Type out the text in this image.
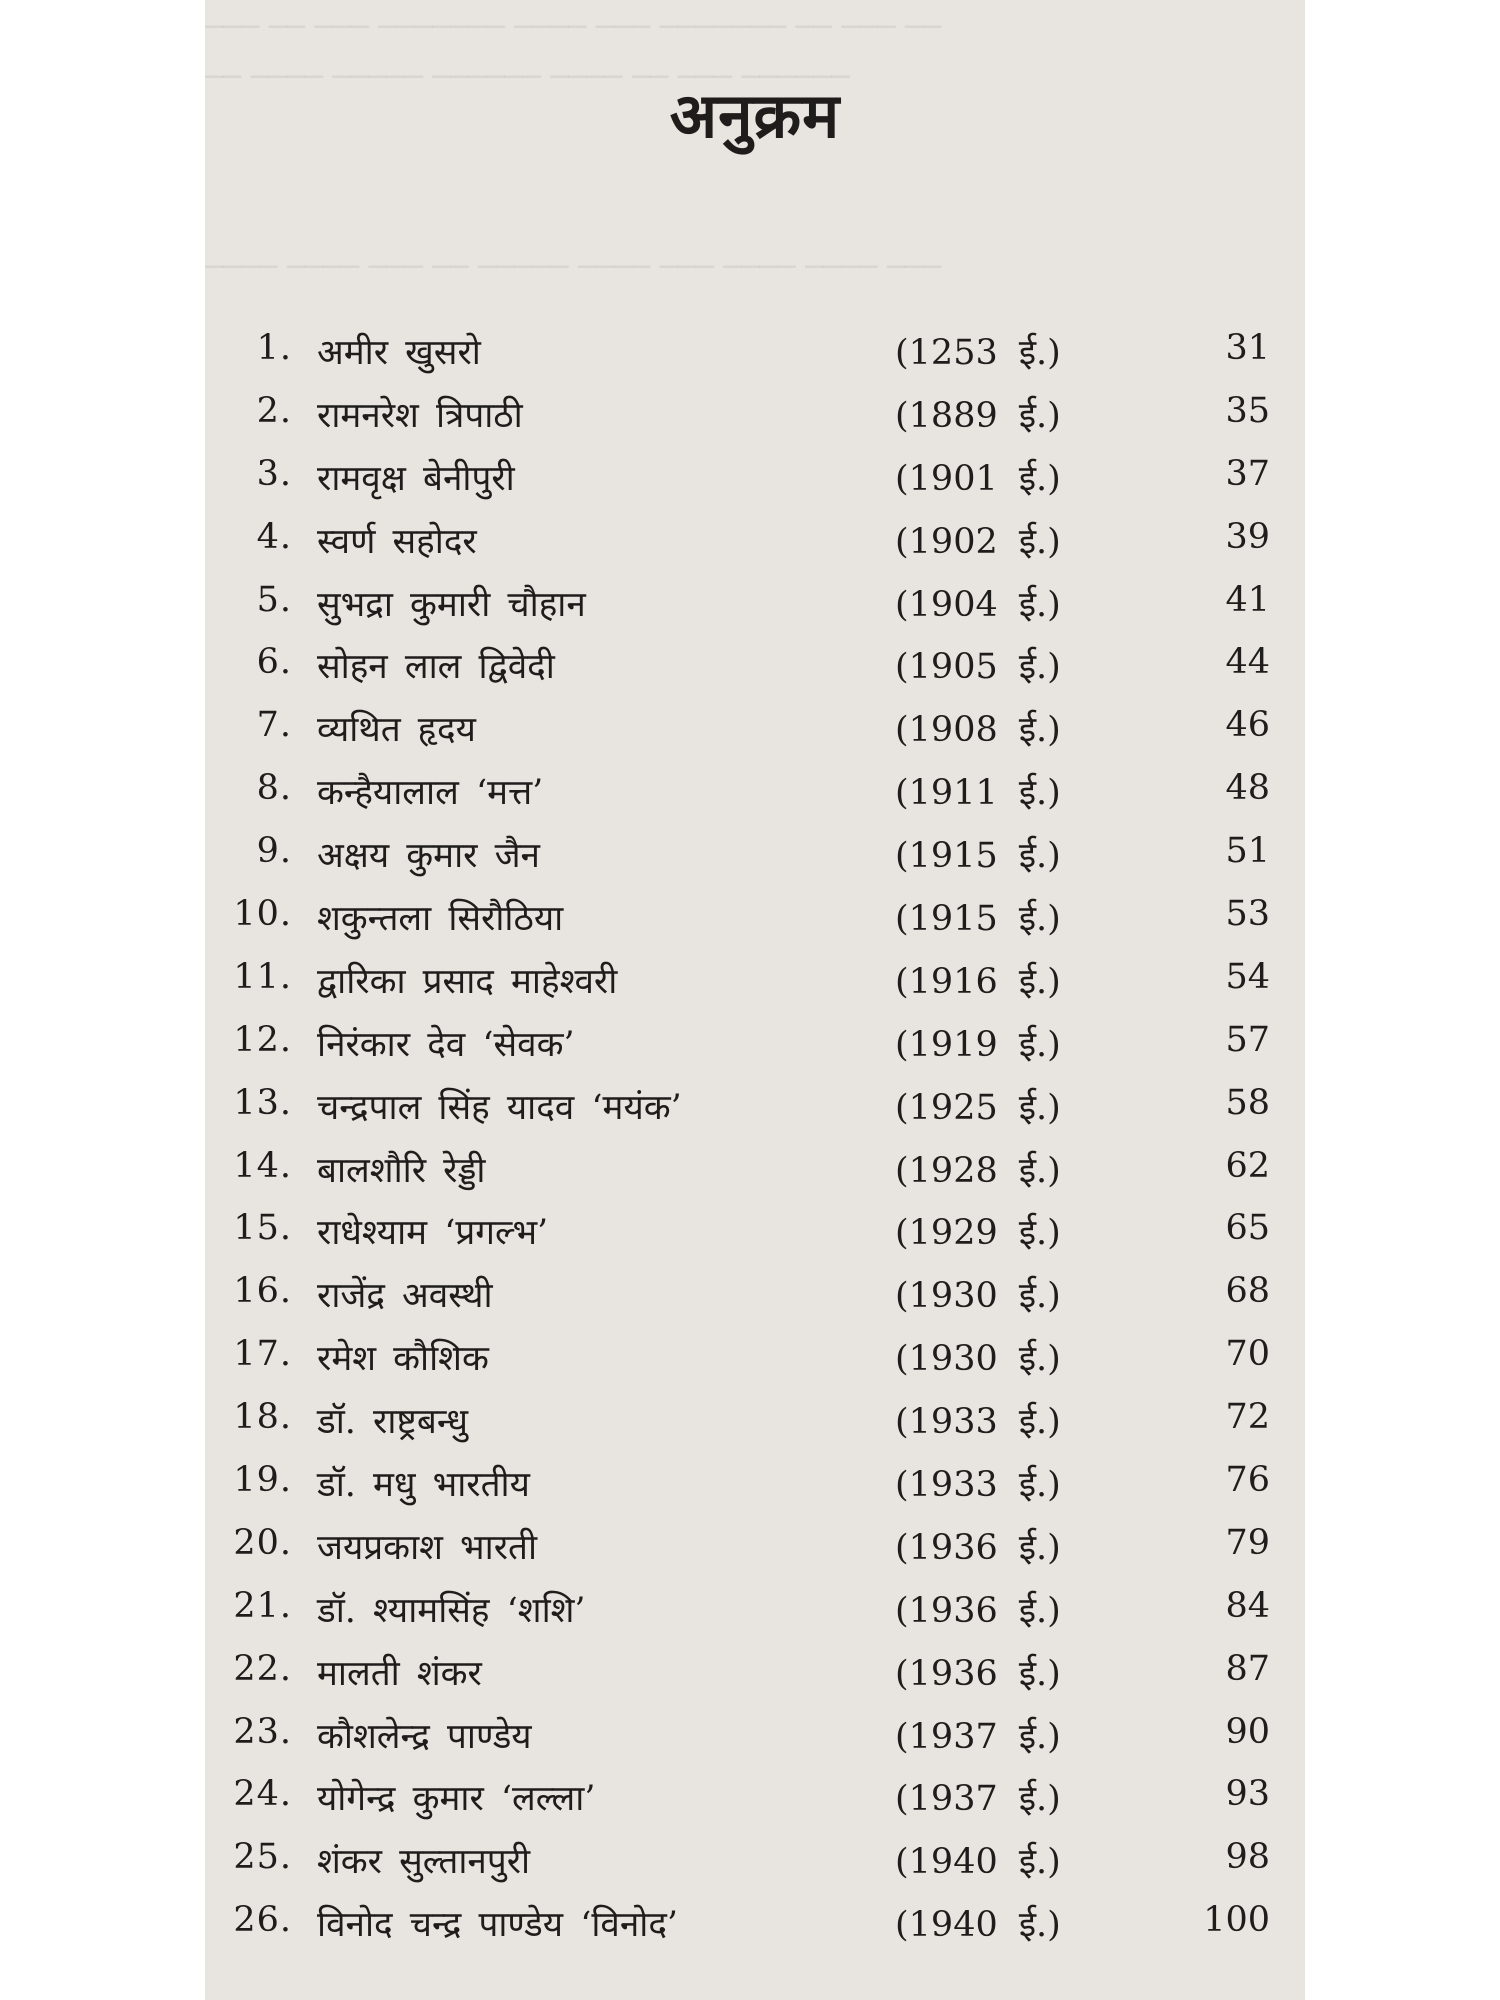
─── ── ─── ─────── ──── ─── ─────── ── ─── ──
── ──── ───── ────── ──── ── ─── ──────
──── ──── ─── ── ───── ──── ─── ──── ──── ───
अनुक्रम
1. अमीर खुसरो	(1253 ई.)	31
2. रामनरेश त्रिपाठी	(1889 ई.)	35
3. रामवृक्ष बेनीपुरी	(1901 ई.)	37
4. स्वर्ण सहोदर	(1902 ई.)	39
5. सुभद्रा कुमारी चौहान	(1904 ई.)	41
6. सोहन लाल द्विवेदी	(1905 ई.)	44
7. व्यथित हृदय	(1908 ई.)	46
8. कन्हैयालाल ‘मत्त’	(1911 ई.)	48
9. अक्षय कुमार जैन	(1915 ई.)	51
10. शकुन्तला सिरौठिया	(1915 ई.)	53
11. द्वारिका प्रसाद माहेश्वरी	(1916 ई.)	54
12. निरंकार देव ‘सेवक’	(1919 ई.)	57
13. चन्द्रपाल सिंह यादव ‘मयंक’	(1925 ई.)	58
14. बालशौरि रेड्डी	(1928 ई.)	62
15. राधेश्याम ‘प्रगल्भ’	(1929 ई.)	65
16. राजेंद्र अवस्थी	(1930 ई.)	68
17. रमेश कौशिक	(1930 ई.)	70
18. डॉ. राष्ट्रबन्धु	(1933 ई.)	72
19. डॉ. मधु भारतीय	(1933 ई.)	76
20. जयप्रकाश भारती	(1936 ई.)	79
21. डॉ. श्यामसिंह ‘शशि’	(1936 ई.)	84
22. मालती शंकर	(1936 ई.)	87
23. कौशलेन्द्र पाण्डेय	(1937 ई.)	90
24. योगेन्द्र कुमार ‘लल्ला’	(1937 ई.)	93
25. शंकर सुल्तानपुरी	(1940 ई.)	98
26. विनोद चन्द्र पाण्डेय ‘विनोद’	(1940 ई.)	100
